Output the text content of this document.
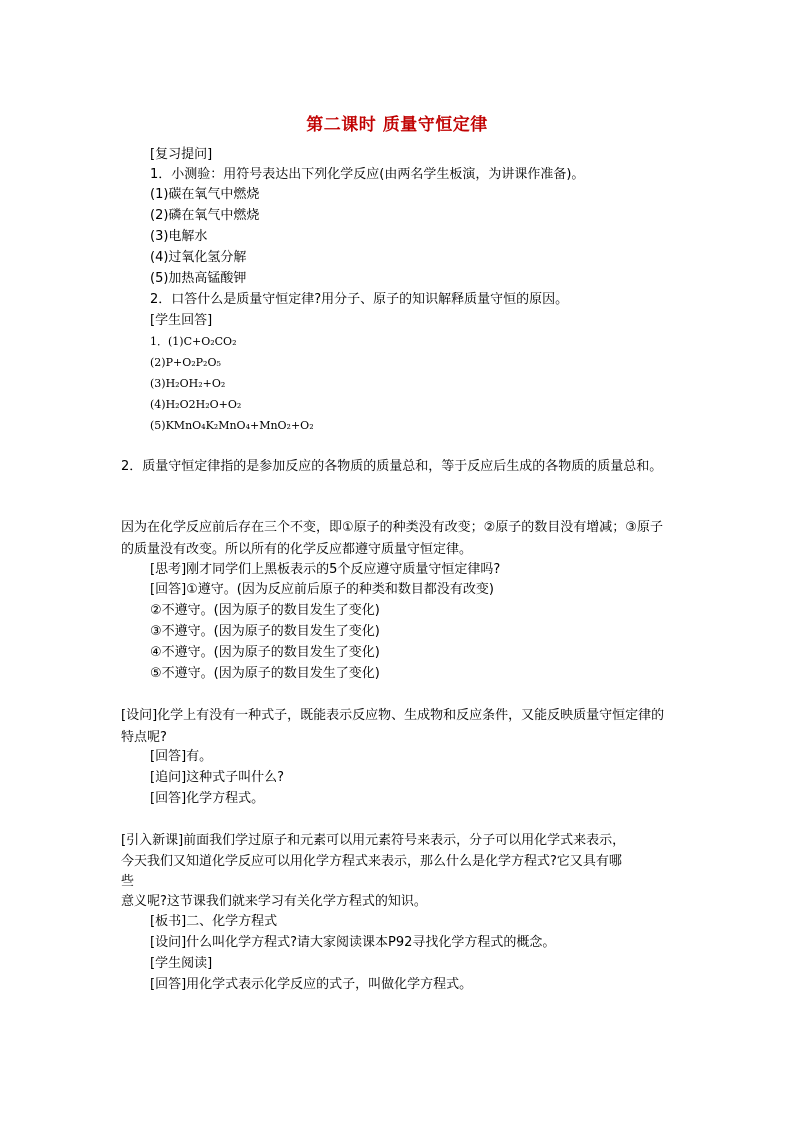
第二课时 质量守恒定律
[复习提问]
1．小测验：用符号表达出下列化学反应(由两名学生板演，为讲课作准备)。
(1)碳在氧气中燃烧
(2)磷在氧气中燃烧
(3)电解水
(4)过氧化氢分解
(5)加热高锰酸钾
2．口答什么是质量守恒定律?用分子、原子的知识解释质量守恒的原因。
[学生回答]
1．(1)C+O₂CO₂
(2)P+O₂P₂O₅
(3)H₂OH₂+O₂
(4)H₂O2H₂O+O₂
(5)KMnO₄K₂MnO₄+MnO₂+O₂
2．质量守恒定律指的是参加反应的各物质的质量总和，等于反应后生成的各物质的质量总和。
因为在化学反应前后存在三个不变，即①原子的种类没有改变；②原子的数目没有增减；③原子的质量没有改变。所以所有的化学反应都遵守质量守恒定律。
[思考]刚才同学们上黑板表示的5个反应遵守质量守恒定律吗?
[回答]①遵守。(因为反应前后原子的种类和数目都没有改变)
②不遵守。(因为原子的数目发生了变化)
③不遵守。(因为原子的数目发生了变化)
④不遵守。(因为原子的数目发生了变化)
⑤不遵守。(因为原子的数目发生了变化)
[设问]化学上有没有一种式子，既能表示反应物、生成物和反应条件，又能反映质量守恒定律的特点呢?
[回答]有。
[追问]这种式子叫什么?
[回答]化学方程式。
[引入新课]前面我们学过原子和元素可以用元素符号来表示，分子可以用化学式来表示，
今天我们又知道化学反应可以用化学方程式来表示，那么什么是化学方程式?它又具有哪
些
意义呢?这节课我们就来学习有关化学方程式的知识。
[板书]二、化学方程式
[设问]什么叫化学方程式?请大家阅读课本P92寻找化学方程式的概念。
[学生阅读]
[回答]用化学式表示化学反应的式子，叫做化学方程式。
